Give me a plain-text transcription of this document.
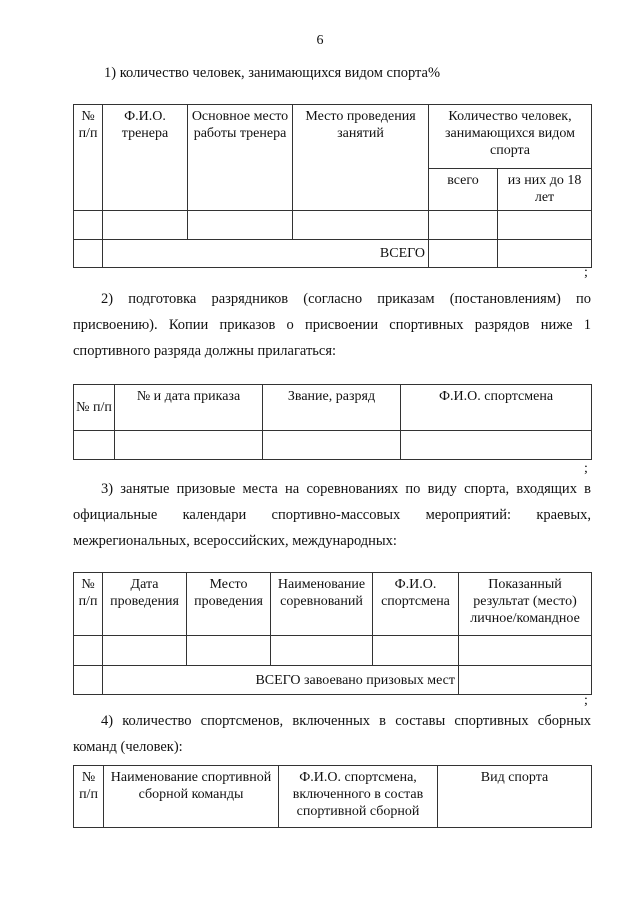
6
1) количество человек, занимающихся видом спорта%
№ п/п	Ф.И.О. тренера	Основное место работы тренера	Место проведения занятий	Количество человек, занимающихся видом спорта	
				всего	из них до 18 лет

	ВСЕГО				
;
2) подготовка разрядников (согласно приказам (постановлениям) по присвоению). Копии приказов о присвоении спортивных разрядов ниже 1 спортивного разряда должны прилагаться:
№ п/п	№ и дата приказа	Звание, разряд	Ф.И.О. спортсмена

;
3) занятые призовые места на соревнованиях по виду спорта, входящих в официальные календари спортивно-массовых мероприятий: краевых, межрегиональных, всероссийских, международных:
№ п/п	Дата проведения	Место проведения	Наименование соревнований	Ф.И.О. спортсмена	Показанный результат (место) личное/командное

	ВСЕГО завоевано призовых мест				
;
4) количество спортсменов, включенных в составы спортивных сборных команд (человек):
№ п/п	Наименование спортивной сборной команды	Ф.И.О. спортсмена, включенного в состав спортивной сборной	Вид спорта
